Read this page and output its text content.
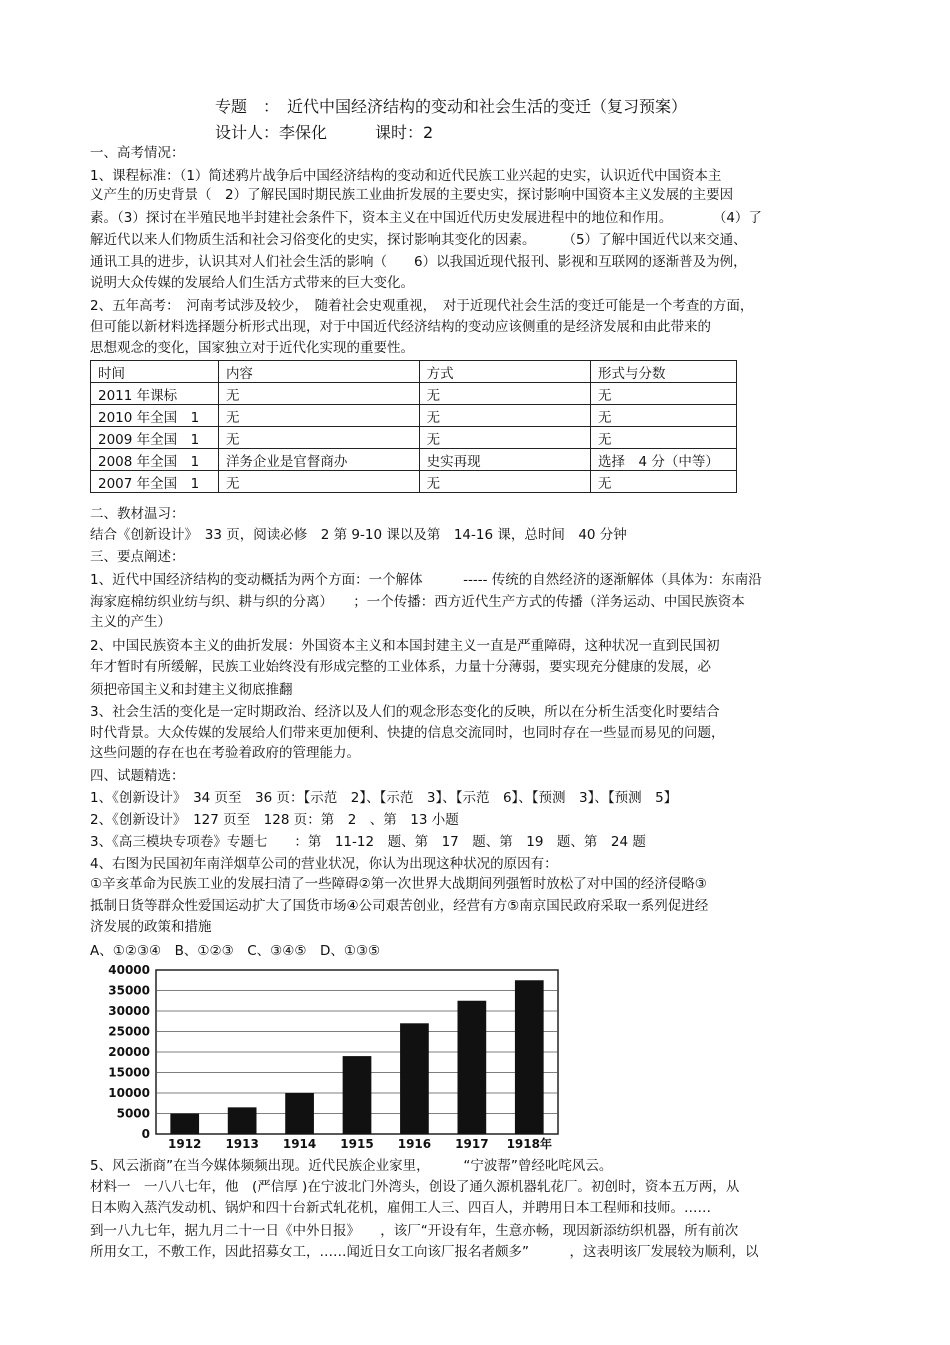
专题　：　近代中国经济结构的变动和社会生活的变迁（复习预案）
设计人：李保化　　　课时：2
一、高考情况：
1、课程标准：（1）简述鸦片战争后中国经济结构的变动和近代民族工业兴起的史实，认识近代中国资本主
义产生的历史背景（　2）了解民国时期民族工业曲折发展的主要史实，探讨影响中国资本主义发展的主要因
素。（3）探讨在半殖民地半封建社会条件下，资本主义在中国近代历史发展进程中的地位和作用。　　　　（4）了
解近代以来人们物质生活和社会习俗变化的史实，探讨影响其变化的因素。　　　（5）了解中国近代以来交通、
通讯工具的进步，认识其对人们社会生活的影响（　　6）以我国近现代报刊、影视和互联网的逐渐普及为例，
说明大众传媒的发展给人们生活方式带来的巨大变化。
2、五年高考：　河南考试涉及较少，　随着社会史观重视，　对于近现代社会生活的变迁可能是一个考查的方面，
但可能以新材料选择题分析形式出现，对于中国近代经济结构的变动应该侧重的是经济发展和由此带来的
思想观念的变化，国家独立对于近代化实现的重要性。
时间	内容	方式	形式与分数
2011 年课标	无	无	无
2010 年全国　1	无	无	无
2009 年全国　1	无	无	无
2008 年全国　1	洋务企业是官督商办	史实再现	选择　4 分（中等）
2007 年全国　1	无	无	无
二、教材温习：
结合《创新设计》　33 页，阅读必修　2 第 9-10 课以及第　14-16 课，总时间　40 分钟
三、要点阐述：
1、近代中国经济结构的变动概括为两个方面：一个解体　　　----- 传统的自然经济的逐渐解体（具体为：东南沿
海家庭棉纺织业纺与织、耕与织的分离）　　；一个传播：西方近代生产方式的传播（洋务运动、中国民族资本
主义的产生）
2、中国民族资本主义的曲折发展：外国资本主义和本国封建主义一直是严重障碍，这种状况一直到民国初
年才暂时有所缓解，民族工业始终没有形成完整的工业体系，力量十分薄弱，要实现充分健康的发展，必
须把帝国主义和封建主义彻底推翻
3、社会生活的变化是一定时期政治、经济以及人们的观念形态变化的反映，所以在分析生活变化时要结合
时代背景。大众传媒的发展给人们带来更加便利、快捷的信息交流同时，也同时存在一些显而易见的问题，
这些问题的存在也在考验着政府的管理能力。
四、试题精选：
1、《创新设计》　34 页至　36 页：【示范　2】、【示范　3】、【示范　6】、【预测　3】、【预测　5】
2、《创新设计》　127 页至　128 页：第　2　、第　13 小题
3、《高三模块专项卷》专题七　　：第　11-12　题、第　17　题、第　19　题、第　24 题
4、右图为民国初年南洋烟草公司的营业状况，你认为出现这种状况的原因有：
①辛亥革命为民族工业的发展扫清了一些障碍②第一次世界大战期间列强暂时放松了对中国的经济侵略③
抵制日货等群众性爱国运动扩大了国货市场④公司艰苦创业，经营有方⑤南京国民政府采取一系列促进经
济发展的政策和措施
A、①②③④　B、①②③　C、③④⑤　D、①③⑤
0
5000
10000
15000
20000
25000
30000
35000
40000
1912 1913 1914 1915 1916 1917 1918年
5、风云浙商”在当今媒体频频出现。近代民族企业家里，　　　“宁波帮”曾经叱咤风云。
材料一　一八八七年，他　(严信厚 )在宁波北门外湾头，创设了通久源机器轧花厂。初创时，资本五万两，从
日本购入蒸汽发动机、锅炉和四十台新式轧花机，雇佣工人三、四百人，并聘用日本工程师和技师。……
到一八九七年，据九月二十一日《中外日报》　　，该厂“开设有年，生意亦畅，现因新添纺织机器，所有前次
所用女工，不敷工作，因此招募女工，……闻近日女工向该厂报名者颇多”　　　，这表明该厂发展较为顺利，以
